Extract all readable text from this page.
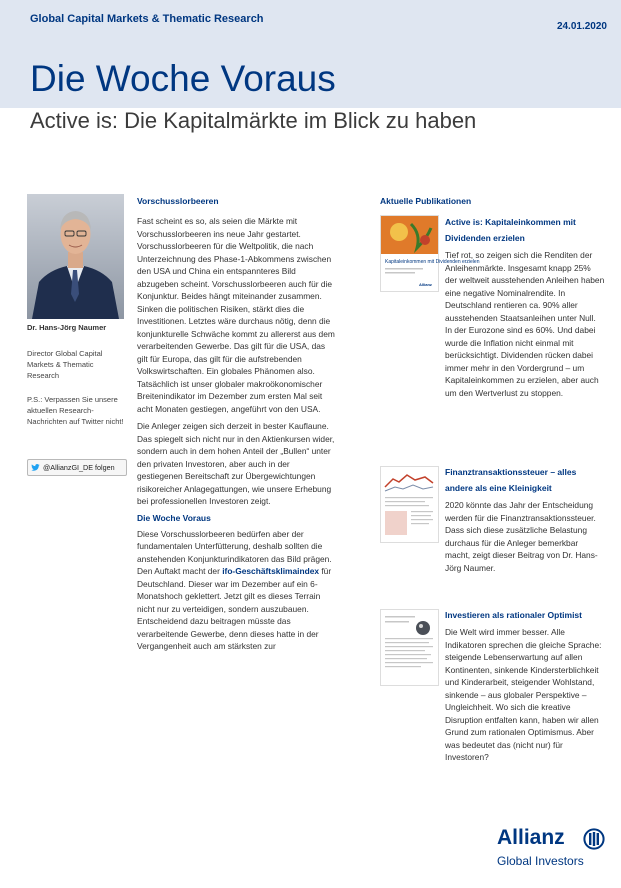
Global Capital Markets & Thematic Research
24.01.2020
Die Woche Voraus
Active is: Die Kapitalmärkte im Blick zu haben
Dr. Hans-Jörg Naumer
Director Global Capital Markets & Thematic Research
P.S.: Verpassen Sie unsere aktuellen Research-Nachrichten auf Twitter nicht!
@AllianzGI_DE folgen
Vorschusslorbeeren

Fast scheint es so, als seien die Märkte mit Vorschusslorbeeren ins neue Jahr gestartet. Vorschusslorbeeren für die Weltpolitik, die nach Unterzeichnung des Phase-1-Abkommens zwischen den USA und China ein entspannteres Bild abzugeben scheint. Vorschusslorbeeren auch für die Konjunktur. Beides hängt miteinander zusammen. Sinken die politischen Risiken, stärkt dies die Investitionen. Letztes wäre durchaus nötig, denn die konjunkturelle Schwäche kommt zu allererst aus dem verarbeitenden Gewerbe. Das gilt für die USA, das gilt für Europa, das gilt für die aufstrebenden Volkswirtschaften. Ein globales Phänomen also. Tatsächlich ist unser globaler makroökonomischer Breitenindikator im Dezember zum ersten Mal seit acht Monaten gestiegen, angeführt von den USA.

Die Anleger zeigen sich derzeit in bester Kauflaune. Das spiegelt sich nicht nur in den Aktienkursen wider, sondern auch in dem hohen Anteil der „Bullen“ unter den privaten Investoren, aber auch in der gestiegenen Bereitschaft zur Übergewichtungen risikoreicher Anlagegattungen, wie unsere Erhebung bei professionellen Investoren zeigt.

Die Woche Voraus

Diese Vorschusslorbeeren bedürfen aber der fundamentalen Unterfütterung, deshalb sollten die anstehenden Konjunkturindikatoren das Bild prägen. Den Auftakt macht der ifo-Geschäftsklimaindex für Deutschland. Dieser war im Dezember auf ein 6-Monatshoch geklettert. Jetzt gilt es dieses Terrain nicht nur zu verteidigen, sondern auszubauen. Entscheidend dazu beitragen müsste das verarbeitende Gewerbe, denn dieses hatte in der Vergangenheit auch am stärksten zur

Aktuelle Publikationen
Kapitaleinkommen mit Dividenden erzielen
Allianz
Active is: Kapitaleinkommen mit Dividenden erzielen

Tief rot, so zeigen sich die Renditen der Anleihenmärkte. Insgesamt knapp 25% der weltweit ausstehenden Anleihen haben eine negative Nominalrendite. In Deutschland rentieren ca. 90% aller ausstehenden Staatsanleihen unter Null. In der Eurozone sind es 60%. Und dabei wurde die Inflation nicht einmal mit berücksichtigt. Dividenden rücken dabei immer mehr in den Vordergrund – um Kapitaleinkommen zu erzielen, aber auch um den Wertverlust zu stoppen.

Finanztransaktionssteuer – alles andere als eine Kleinigkeit

2020 könnte das Jahr der Entscheidung werden für die Finanztransaktionssteuer. Dass sich diese zusätzliche Belastung durchaus für die Anleger bemerkbar macht, zeigt dieser Beitrag von Dr. Hans-Jörg Naumer.

Investieren als rationaler Optimist

Die Welt wird immer besser. Alle Indikatoren sprechen die gleiche Sprache: steigende Lebenserwartung auf allen Kontinenten, sinkende Kindersterblichkeit und Kinderarbeit, steigender Wohlstand, sinkende – aus globaler Perspektive – Ungleichheit. Wo sich die kreative Disruption entfalten kann, haben wir allen Grund zum rationalen Optimismus. Aber was bedeutet das (nicht nur) für Investoren?

Allianz
Global Investors
